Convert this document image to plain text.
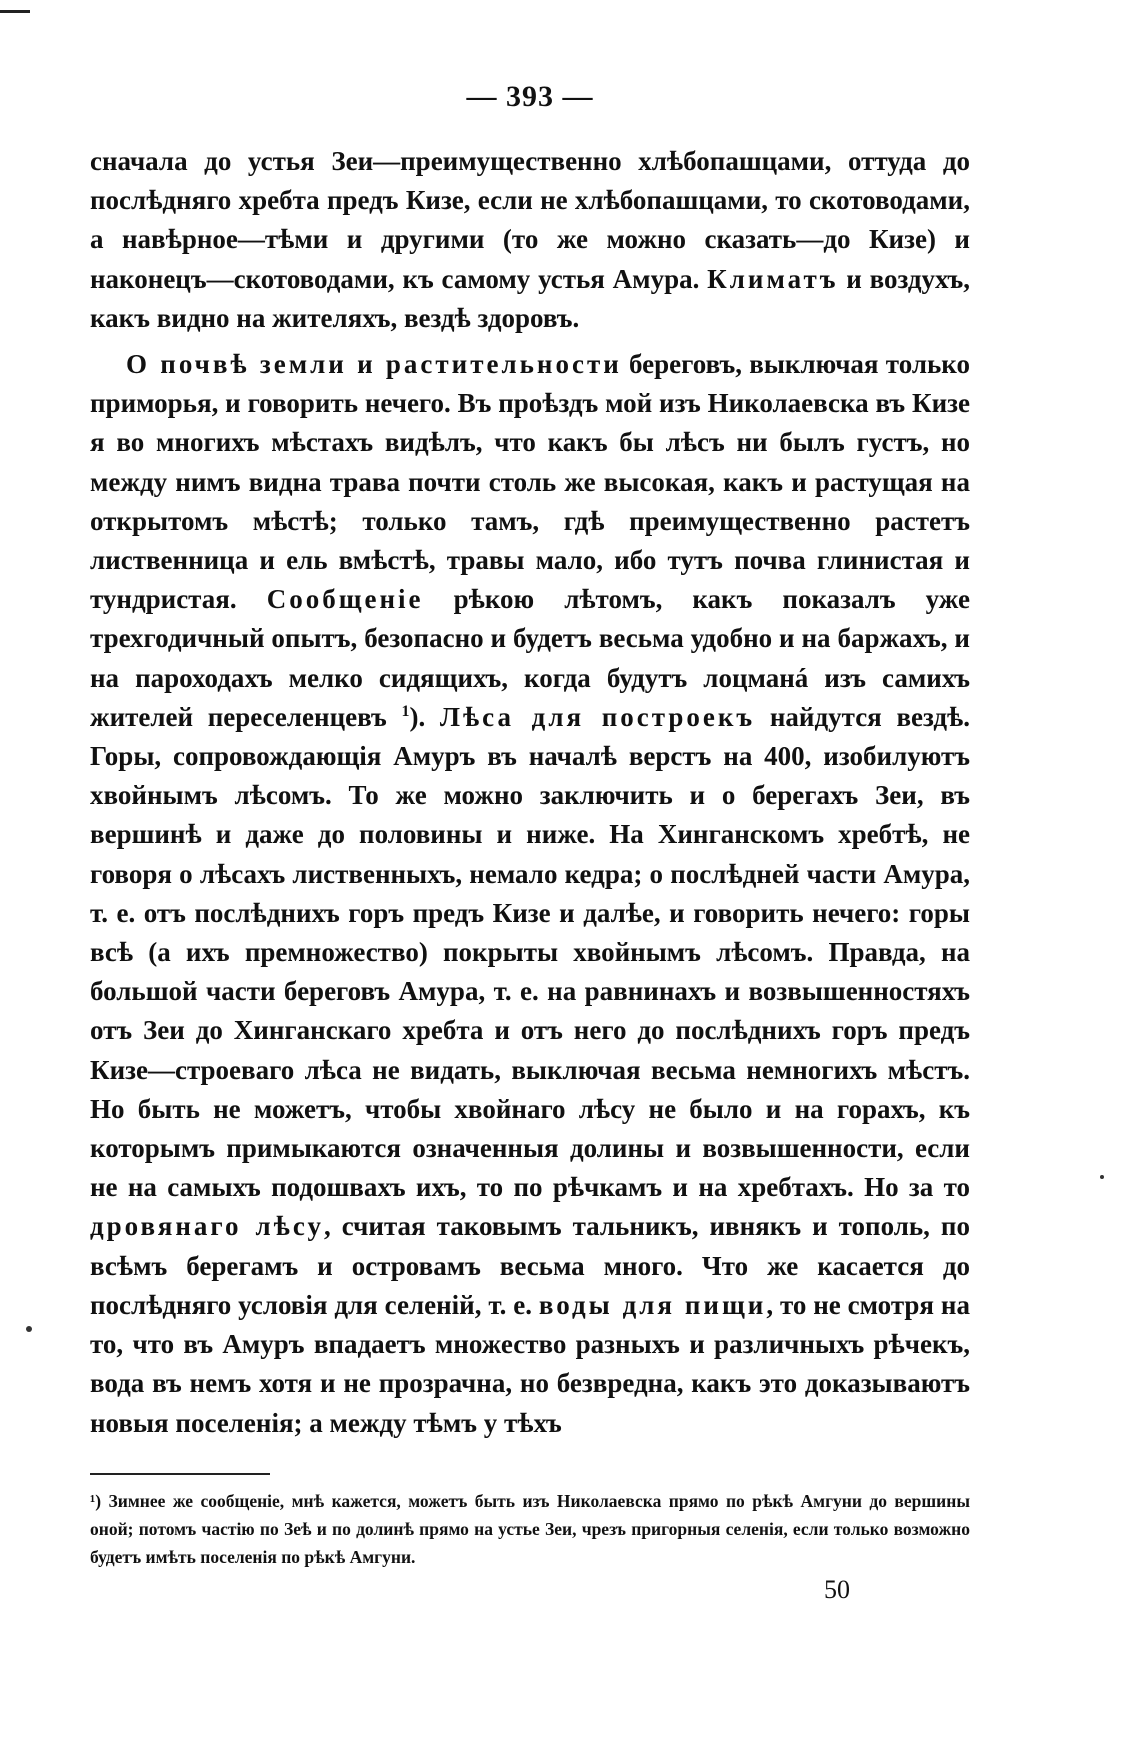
— 393 —

сначала до устья Зеи—преимущественно хлѣбопашцами, оттуда до послѣдняго хребта предъ Кизе, если не хлѣбопашцами, то скотоводами, а навѣрное—тѣми и другими (то же можно сказать—до Кизе) и наконецъ—скотоводами, къ самому устья Амура. Климатъ и воздухъ, какъ видно на жителяхъ, вездѣ здоровъ.

О почвѣ земли и растительности береговъ, выключая только приморья, и говорить нечего. Въ проѣздъ мой изъ Николаевска въ Кизе я во многихъ мѣстахъ видѣлъ, что какъ бы лѣсъ ни былъ густъ, но между нимъ видна трава почти столь же высокая, какъ и растущая на открытомъ мѣстѣ; только тамъ, гдѣ преимущественно растетъ лиственница и ель вмѣстѣ, травы мало, ибо тутъ почва глинистая и тундристая. Сообщеніе рѣкою лѣтомъ, какъ показалъ уже трехгодичный опытъ, безопасно и будетъ весьма удобно и на баржахъ, и на пароходахъ мелко сидящихъ, когда будутъ лоцманá изъ самихъ жителей переселенцевъ $^1$). Лѣса для построекъ найдутся вездѣ. Горы, сопровождающія Амуръ въ началѣ верстъ на 400, изобилуютъ хвойнымъ лѣсомъ. То же можно заключить и о берегахъ Зеи, въ вершинѣ и даже до половины и ниже. На Хинганскомъ хребтѣ, не говоря о лѣсахъ лиственныхъ, немало кедра; о послѣдней части Амура, т. е. отъ послѣднихъ горъ предъ Кизе и далѣе, и говорить нечего: горы всѣ (а ихъ премножество) покрыты хвойнымъ лѣсомъ. Правда, на большой части береговъ Амура, т. е. на равнинахъ и возвышенностяхъ отъ Зеи до Хинганскаго хребта и отъ него до послѣднихъ горъ предъ Кизе—строеваго лѣса не видать, выключая весьма немногихъ мѣстъ. Но быть не можетъ, чтобы хвойнаго лѣсу не было и на горахъ, къ которымъ примыкаются означенныя долины и возвышенности, если не на самыхъ подошвахъ ихъ, то по рѣчкамъ и на хребтахъ. Но за то дровянаго лѣсу, считая таковымъ тальникъ, ивнякъ и тополь, по всѣмъ берегамъ и островамъ весьма много. Что же касается до послѣдняго условія для селеній, т. е. воды для пищи, то не смотря на то, что въ Амуръ впадаетъ множество разныхъ и различныхъ рѣчекъ, вода въ немъ хотя и не прозрачна, но безвредна, какъ это доказываютъ новыя поселенія; а между тѣмъ у тѣхъ

¹) Зимнее же сообщеніе, мнѣ кажется, можетъ быть изъ Николаевска прямо по рѣкѣ Амгуни до вершины оной; потомъ частію по Зеѣ и по долинѣ прямо на устье Зеи, чрезъ пригорныя селенія, если только возможно будетъ имѣть поселенія по рѣкѣ Амгуни.

50
